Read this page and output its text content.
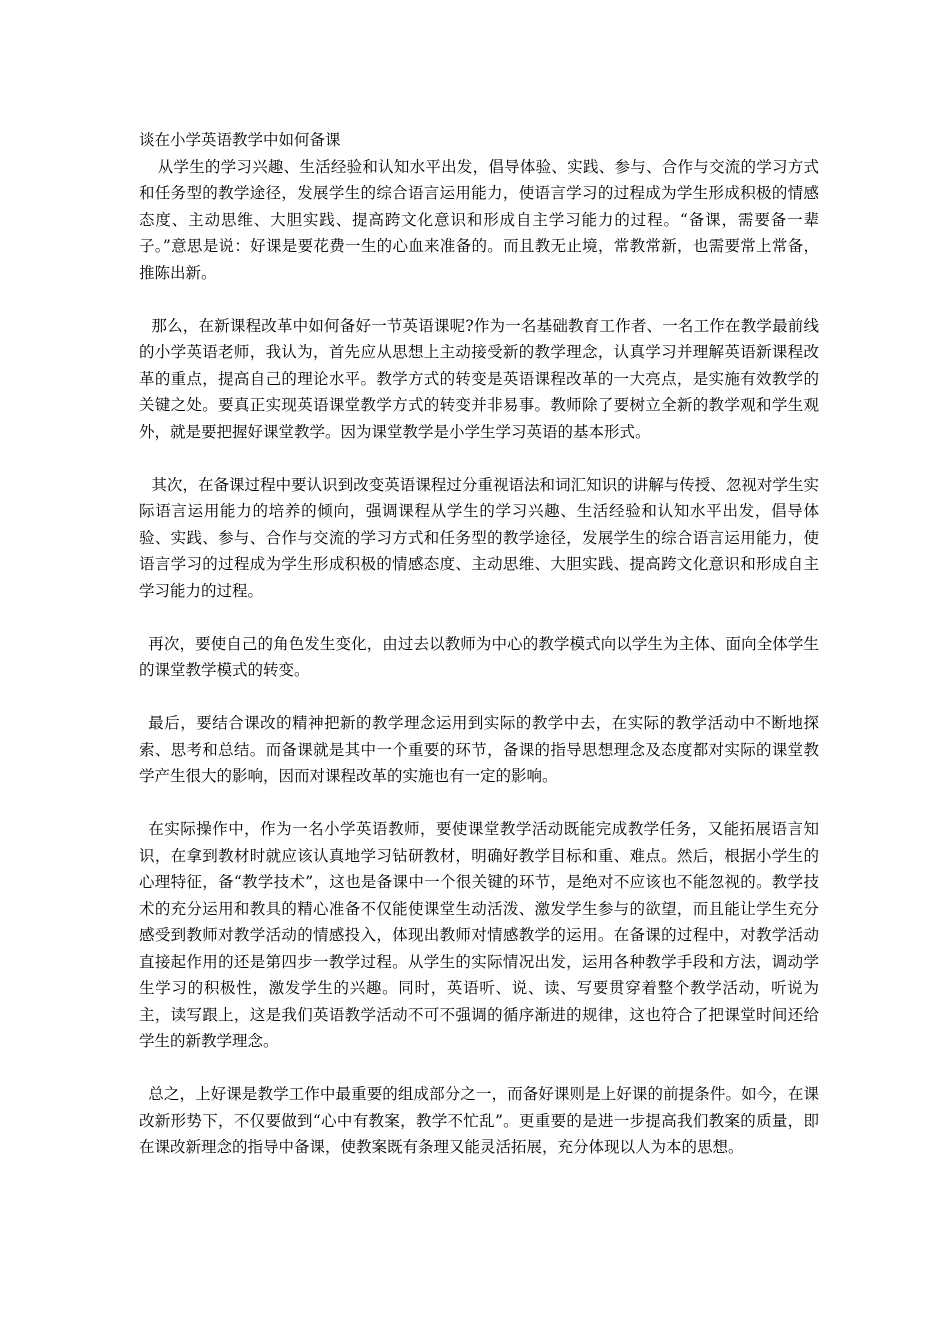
谈在小学英语教学中如何备课

从学生的学习兴趣、生活经验和认知水平出发，倡导体验、实践、参与、合作与交流的学习方式和任务型的教学途径，发展学生的综合语言运用能力，使语言学习的过程成为学生形成积极的情感态度、主动思维、大胆实践、提高跨文化意识和形成自主学习能力的过程。“备课，需要备一辈子。”意思是说：好课是要花费一生的心血来准备的。而且教无止境，常教常新，也需要常上常备，推陈出新。

那么，在新课程改革中如何备好一节英语课呢?作为一名基础教育工作者、一名工作在教学最前线的小学英语老师，我认为，首先应从思想上主动接受新的教学理念，认真学习并理解英语新课程改革的重点，提高自己的理论水平。教学方式的转变是英语课程改革的一大亮点，是实施有效教学的关键之处。要真正实现英语课堂教学方式的转变并非易事。教师除了要树立全新的教学观和学生观外，就是要把握好课堂教学。因为课堂教学是小学生学习英语的基本形式。

其次，在备课过程中要认识到改变英语课程过分重视语法和词汇知识的讲解与传授、忽视对学生实际语言运用能力的培养的倾向，强调课程从学生的学习兴趣、生活经验和认知水平出发，倡导体验、实践、参与、合作与交流的学习方式和任务型的教学途径，发展学生的综合语言运用能力，使语言学习的过程成为学生形成积极的情感态度、主动思维、大胆实践、提高跨文化意识和形成自主学习能力的过程。

再次，要使自己的角色发生变化，由过去以教师为中心的教学模式向以学生为主体、面向全体学生的课堂教学模式的转变。

最后，要结合课改的精神把新的教学理念运用到实际的教学中去，在实际的教学活动中不断地探索、思考和总结。而备课就是其中一个重要的环节，备课的指导思想理念及态度都对实际的课堂教学产生很大的影响，因而对课程改革的实施也有一定的影响。

在实际操作中，作为一名小学英语教师，要使课堂教学活动既能完成教学任务，又能拓展语言知识，在拿到教材时就应该认真地学习钻研教材，明确好教学目标和重、难点。然后，根据小学生的心理特征，备“教学技术”，这也是备课中一个很关键的环节，是绝对不应该也不能忽视的。教学技术的充分运用和教具的精心准备不仅能使课堂生动活泼、激发学生参与的欲望，而且能让学生充分感受到教师对教学活动的情感投入，体现出教师对情感教学的运用。在备课的过程中，对教学活动直接起作用的还是第四步一教学过程。从学生的实际情况出发，运用各种教学手段和方法，调动学生学习的积极性，激发学生的兴趣。同时，英语听、说、读、写要贯穿着整个教学活动，听说为主，读写跟上，这是我们英语教学活动不可不强调的循序渐进的规律，这也符合了把课堂时间还给学生的新教学理念。

总之，上好课是教学工作中最重要的组成部分之一，而备好课则是上好课的前提条件。如今，在课改新形势下，不仅要做到“心中有教案，教学不忙乱”。更重要的是进一步提高我们教案的质量，即在课改新理念的指导中备课，使教案既有条理又能灵活拓展，充分体现以人为本的思想。
